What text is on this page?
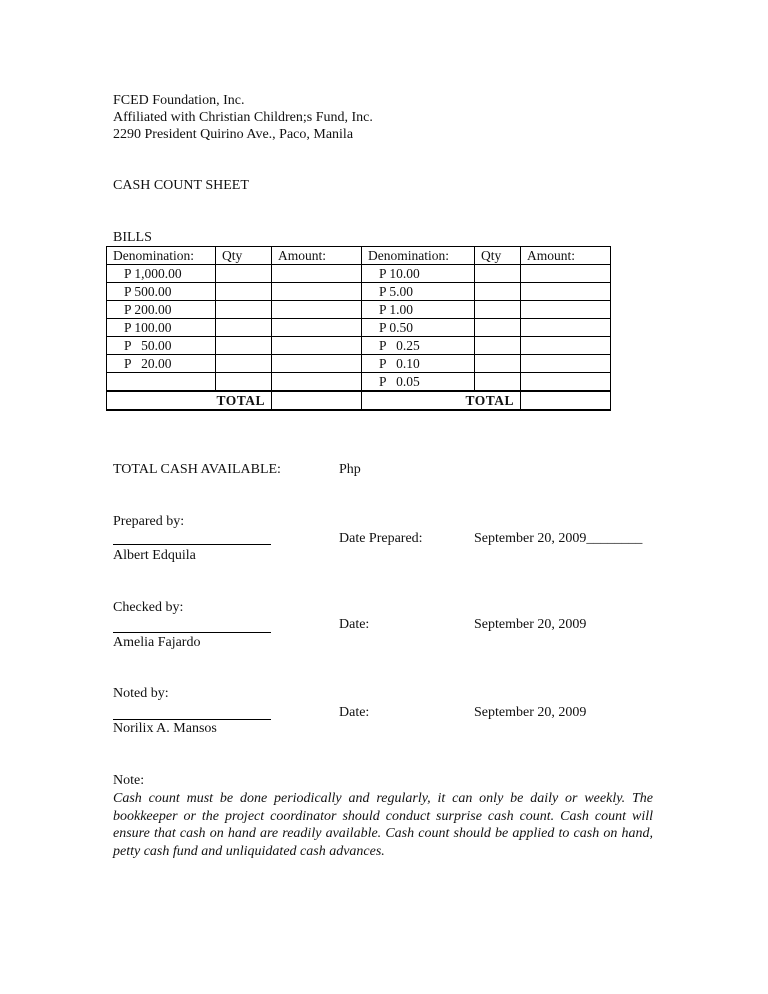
FCED Foundation, Inc.
Affiliated with Christian Children;s Fund, Inc.
2290 President Quirino Ave., Paco, Manila
CASH COUNT SHEET
BILLS
Denomination:	Qty	Amount:	Denomination:	Qty	Amount:
P 1,000.00			P 10.00		
P 500.00			P 5.00		
P 200.00			P 1.00		
P 100.00			P 0.50		
P   50.00			P   0.25		
P   20.00			P   0.10		
			P   0.05		
TOTAL			TOTAL		
TOTAL CASH AVAILABLE:	Php
Prepared by:
Albert Edquila
Date Prepared:	September 20, 2009________
Checked by:
Amelia Fajardo
Date:	September 20, 2009
Noted by:
Norilix A. Mansos
Date:	September 20, 2009
Note:
Cash count must be done periodically and regularly, it can only be daily or weekly. The bookkeeper or the project coordinator should conduct surprise cash count. Cash count will ensure that cash on hand are readily available. Cash count should be applied to cash on hand, petty cash fund and unliquidated cash advances.
